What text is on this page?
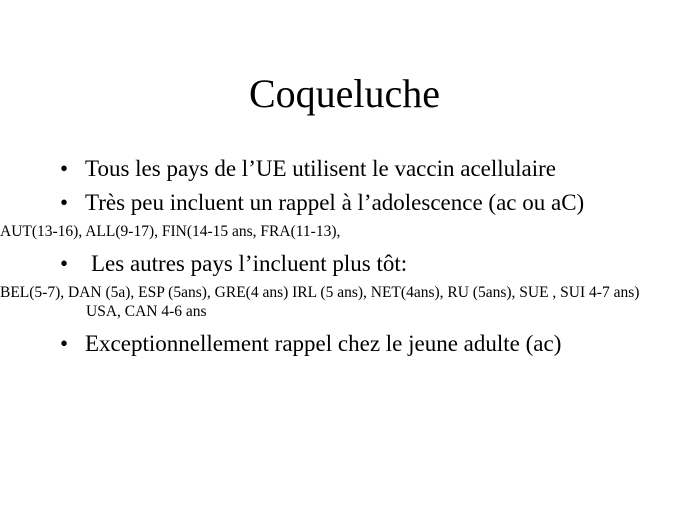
Coqueluche
• Tous les pays de l’UE utilisent le vaccin acellulaire
• Très peu incluent un rappel à l’adolescence (ac ou aC)
AUT(13-16), ALL(9-17), FIN(14-15 ans, FRA(11-13),
• Les autres pays l’incluent plus tôt:
BEL(5-7), DAN (5a), ESP (5ans), GRE(4 ans) IRL (5 ans), NET(4ans), RU (5ans), SUE , SUI 4-7 ans) USA, CAN 4-6 ans
• Exceptionnellement rappel chez le jeune adulte (ac)
